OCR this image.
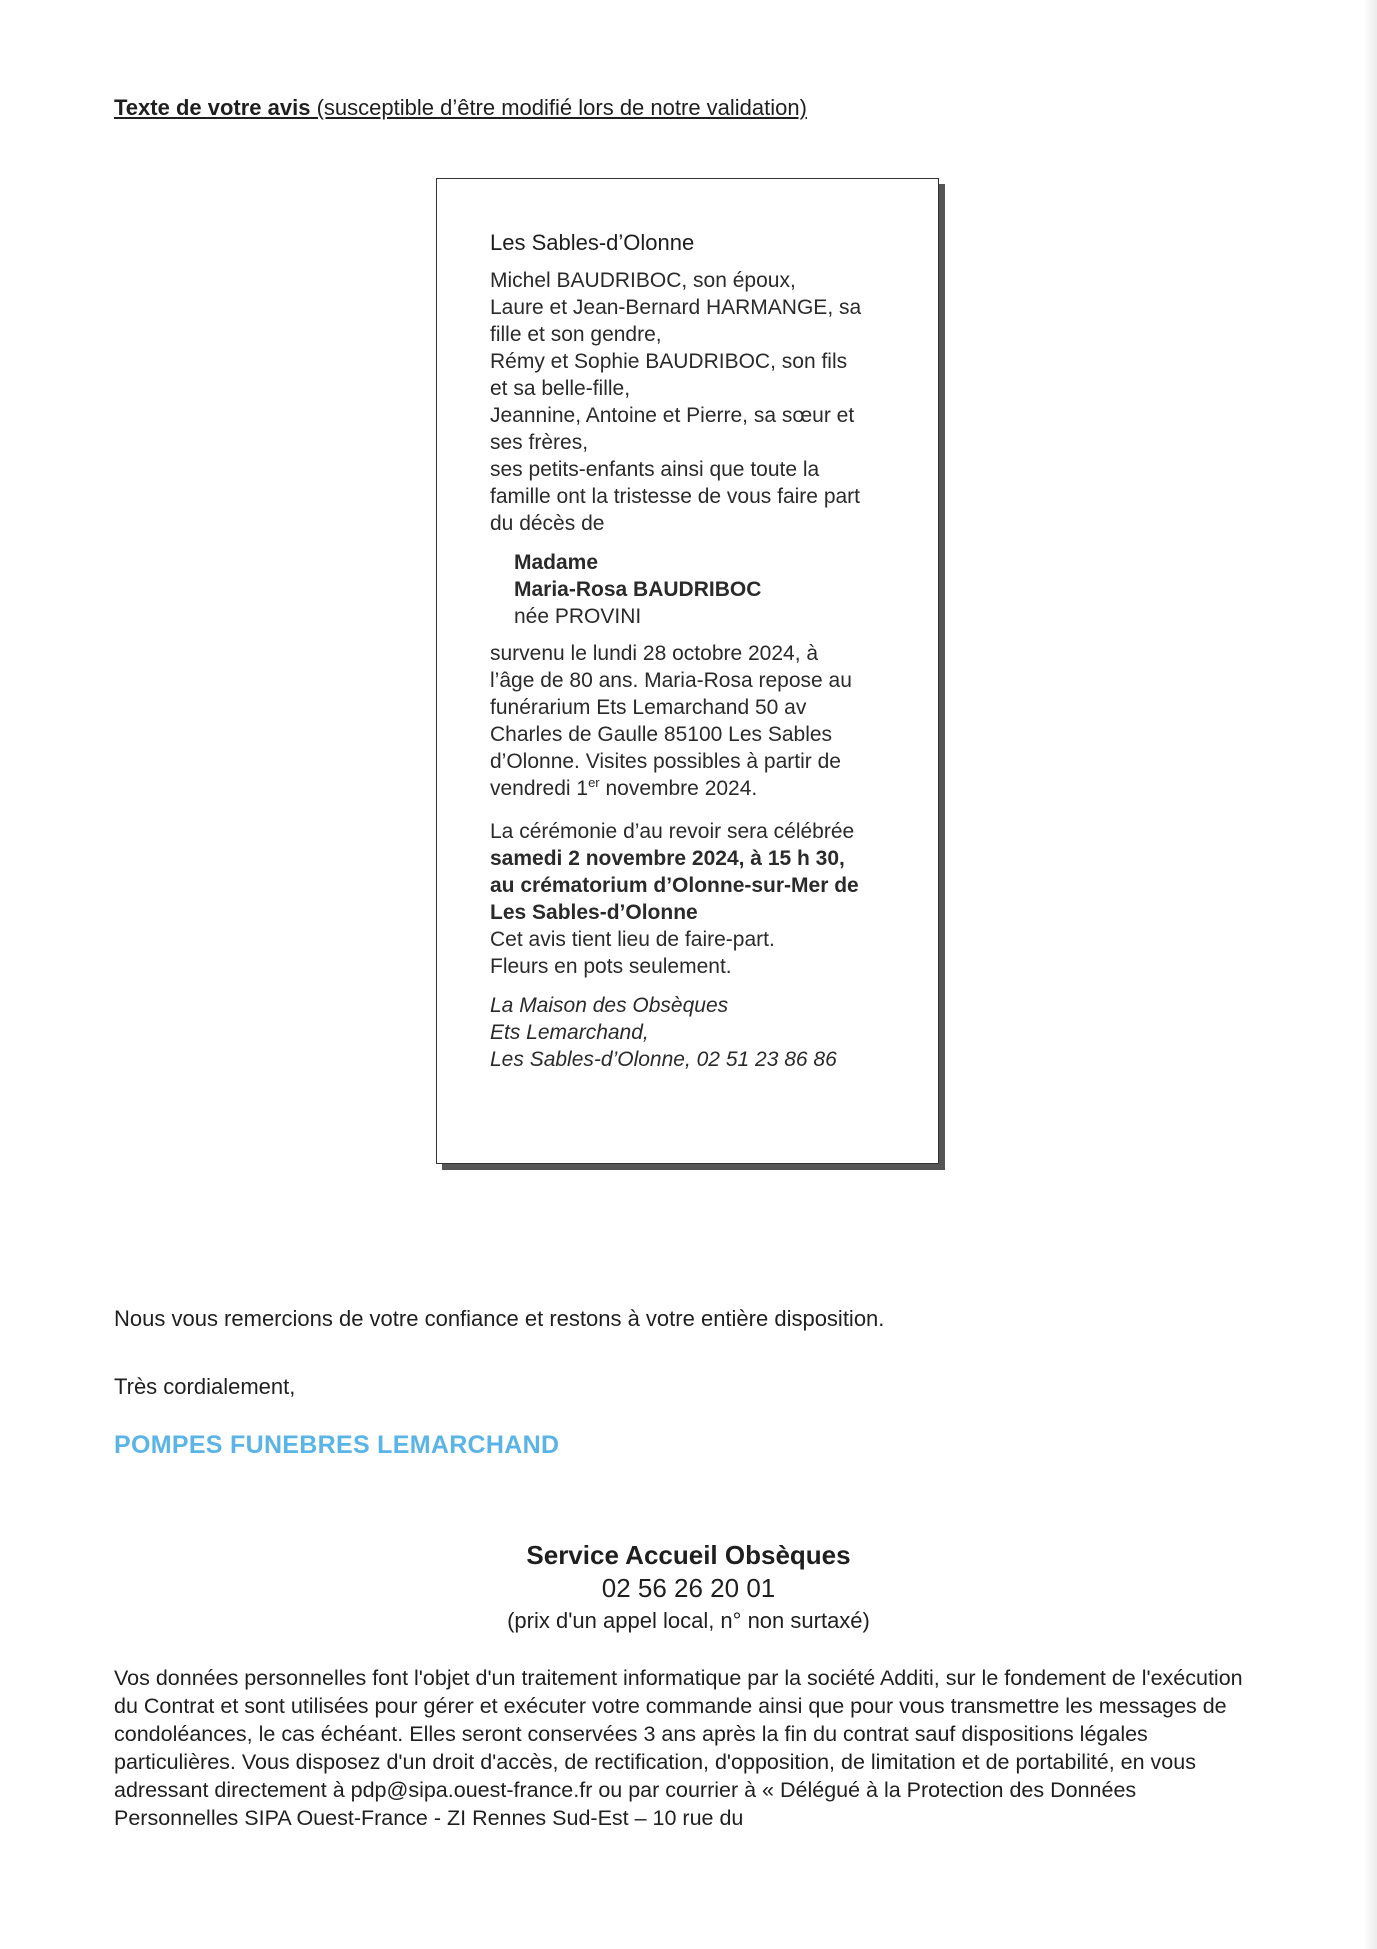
Texte de votre avis (susceptible d’être modifié lors de notre validation)

Les Sables-d’Olonne

Michel BAUDRIBOC, son époux,

Laure et Jean-Bernard HARMANGE, sa

fille et son gendre,

Rémy et Sophie BAUDRIBOC, son fils

et sa belle-fille,

Jeannine, Antoine et Pierre, sa sœur et

ses frères,

ses petits-enfants ainsi que toute la

famille ont la tristesse de vous faire part

du décès de

Madame

Maria-Rosa BAUDRIBOC

née PROVINI

survenu le lundi 28 octobre 2024, à

l’âge de 80 ans. Maria-Rosa repose au

funérarium Ets Lemarchand 50 av

Charles de Gaulle 85100 Les Sables

d’Olonne. Visites possibles à partir de

vendredi 1er novembre 2024.

La cérémonie d’au revoir sera célébrée

samedi 2 novembre 2024, à 15 h 30,

au crématorium d’Olonne-sur-Mer de

Les Sables-d’Olonne

Cet avis tient lieu de faire-part.

Fleurs en pots seulement.

La Maison des Obsèques

Ets Lemarchand,

Les Sables-d’Olonne, 02 51 23 86 86

Nous vous remercions de votre confiance et restons à votre entière disposition.
Très cordialement,
POMPES FUNEBRES LEMARCHAND
Service Accueil Obsèques
02 56 26 20 01
(prix d'un appel local, n° non surtaxé)
Vos données personnelles font l'objet d'un traitement informatique par la société Additi, sur le fondement de l'exécution du Contrat et sont utilisées pour gérer et exécuter votre commande ainsi que pour vous transmettre les messages de condoléances, le cas échéant. Elles seront conservées 3 ans après la fin du contrat sauf dispositions légales particulières. Vous disposez d'un droit d'accès, de rectification, d'opposition, de limitation et de portabilité, en vous adressant directement à pdp@sipa.ouest-france.fr ou par courrier à « Délégué à la Protection des Données Personnelles SIPA Ouest-France - ZI Rennes Sud-Est – 10 rue du
